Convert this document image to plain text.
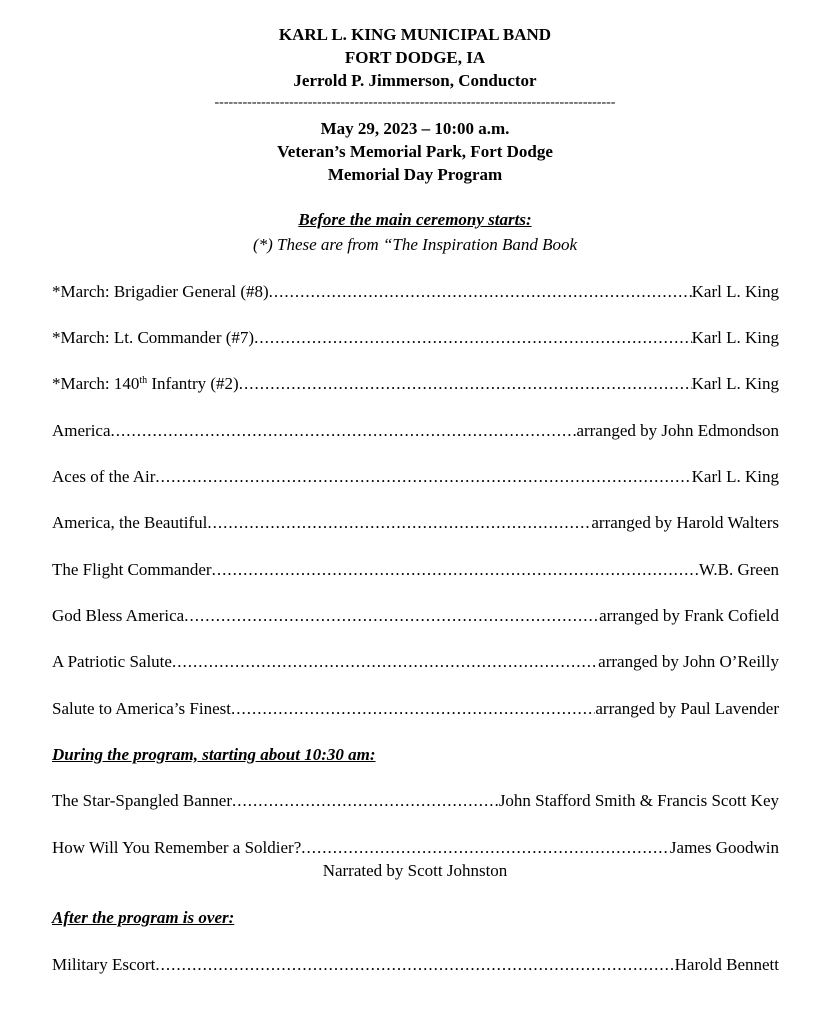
KARL L. KING MUNICIPAL BAND
FORT DODGE, IA
Jerrold P. Jimmerson, Conductor
--------------------------------------------------------------------------------------
May 29, 2023 – 10:00 a.m.
Veteran’s Memorial Park, Fort Dodge
Memorial Day Program
Before the main ceremony starts:
(*) These are from “The Inspiration Band Book
*March: Brigadier General (#8) .....	Karl L. King
*March: Lt. Commander (#7) .....	Karl L. King
*March: 140th Infantry (#2) .....	Karl L. King
America .....	arranged by John Edmondson
Aces of the Air .....	Karl L. King
America, the Beautiful .....	arranged by Harold Walters
The Flight Commander .....	W.B. Green
God Bless America .....	arranged by Frank Cofield
A Patriotic Salute .....	arranged by John O’Reilly
Salute to America’s Finest .....	arranged by Paul Lavender
During the program, starting about 10:30 am:
The Star-Spangled Banner .....	John Stafford Smith & Francis Scott Key
How Will You Remember a Soldier? .....	James Goodwin
Narrated by Scott Johnston
After the program is over:
Military Escort .....	Harold Bennett
